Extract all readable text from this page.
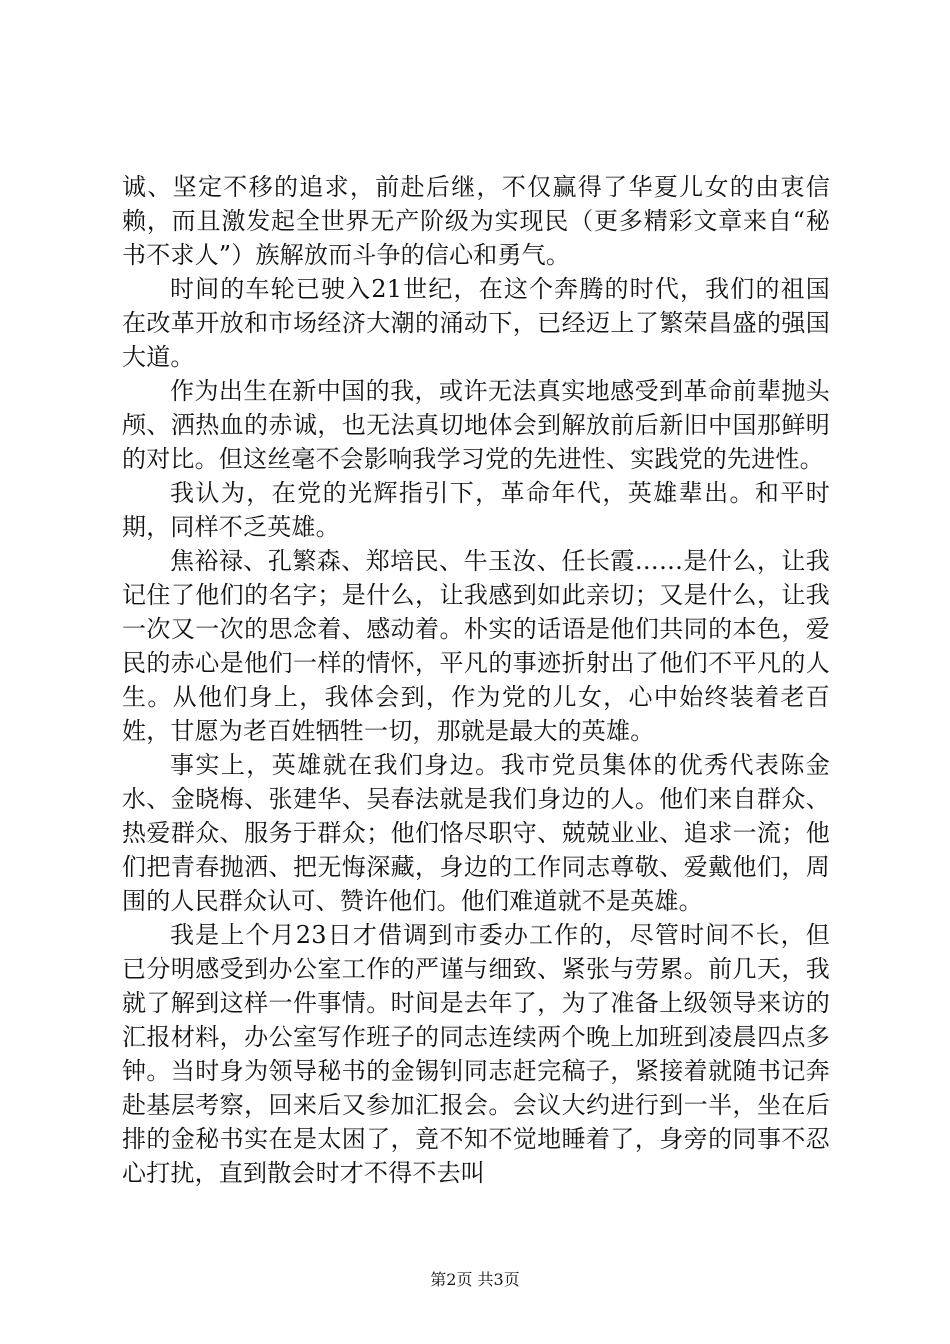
诚、坚定不移的追求，前赴后继，不仅赢得了华夏儿女的由衷信赖，而且激发起全世界无产阶级为实现民（更多精彩文章来自“秘书不求人”）族解放而斗争的信心和勇气。

时间的车轮已驶入21世纪，在这个奔腾的时代，我们的祖国在改革开放和市场经济大潮的涌动下，已经迈上了繁荣昌盛的强国大道。

作为出生在新中国的我，或许无法真实地感受到革命前辈抛头颅、洒热血的赤诚，也无法真切地体会到解放前后新旧中国那鲜明的对比。但这丝毫不会影响我学习党的先进性、实践党的先进性。

我认为，在党的光辉指引下，革命年代，英雄辈出。和平时期，同样不乏英雄。

焦裕禄、孔繁森、郑培民、牛玉汝、任长霞……是什么，让我记住了他们的名字；是什么，让我感到如此亲切；又是什么，让我一次又一次的思念着、感动着。朴实的话语是他们共同的本色，爱民的赤心是他们一样的情怀，平凡的事迹折射出了他们不平凡的人生。从他们身上，我体会到，作为党的儿女，心中始终装着老百姓，甘愿为老百姓牺牲一切，那就是最大的英雄。

事实上，英雄就在我们身边。我市党员集体的优秀代表陈金水、金晓梅、张建华、吴春法就是我们身边的人。他们来自群众、热爱群众、服务于群众；他们恪尽职守、兢兢业业、追求一流；他们把青春抛洒、把无悔深藏，身边的工作同志尊敬、爱戴他们，周围的人民群众认可、赞许他们。他们难道就不是英雄。

我是上个月23日才借调到市委办工作的，尽管时间不长，但已分明感受到办公室工作的严谨与细致、紧张与劳累。前几天，我就了解到这样一件事情。时间是去年了，为了准备上级领导来访的汇报材料，办公室写作班子的同志连续两个晚上加班到凌晨四点多钟。当时身为领导秘书的金锡钊同志赶完稿子，紧接着就随书记奔赴基层考察，回来后又参加汇报会。会议大约进行到一半，坐在后排的金秘书实在是太困了，竟不知不觉地睡着了，身旁的同事不忍心打扰，直到散会时才不得不去叫

第2页 共3页
